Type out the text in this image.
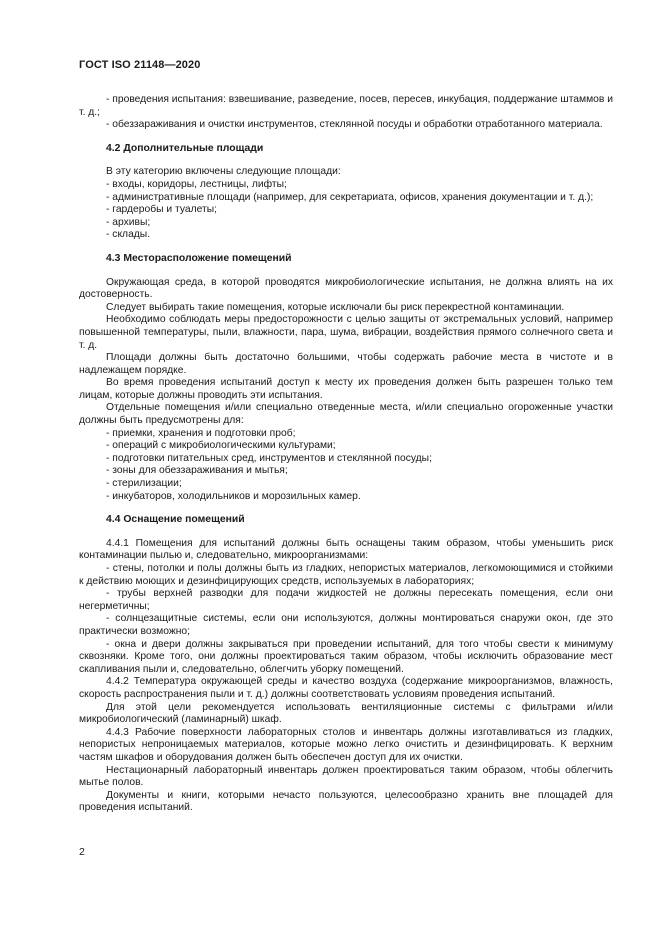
ГОСТ ISO 21148—2020

- проведения испытания: взвешивание, разведение, посев, пересев, инкубация, поддержание штаммов и т. д.;

- обеззараживания и очистки инструментов, стеклянной посуды и обработки отработанного материала.

4.2 Дополнительные площади

В эту категорию включены следующие площади:

- входы, коридоры, лестницы, лифты;

- административные площади (например, для секретариата, офисов, хранения документации и т. д.);

- гардеробы и туалеты;

- архивы;

- склады.

4.3 Месторасположение помещений

Окружающая среда, в которой проводятся микробиологические испытания, не должна влиять на их достоверность.

Следует выбирать такие помещения, которые исключали бы риск перекрестной контаминации.

Необходимо соблюдать меры предосторожности с целью защиты от экстремальных условий, например повышенной температуры, пыли, влажности, пара, шума, вибрации, воздействия прямого солнечного света и т. д.

Площади должны быть достаточно большими, чтобы содержать рабочие места в чистоте и в надлежащем порядке.

Во время проведения испытаний доступ к месту их проведения должен быть разрешен только тем лицам, которые должны проводить эти испытания.

Отдельные помещения и/или специально отведенные места, и/или специально огороженные участки должны быть предусмотрены для:

- приемки, хранения и подготовки проб;

- операций с микробиологическими культурами;

- подготовки питательных сред, инструментов и стеклянной посуды;

- зоны для обеззараживания и мытья;

- стерилизации;

- инкубаторов, холодильников и морозильных камер.

4.4 Оснащение помещений

4.4.1 Помещения для испытаний должны быть оснащены таким образом, чтобы уменьшить риск контаминации пылью и, следовательно, микроорганизмами:

- стены, потолки и полы должны быть из гладких, непористых материалов, легкомоющимися и стойкими к действию моющих и дезинфицирующих средств, используемых в лабораториях;

- трубы верхней разводки для подачи жидкостей не должны пересекать помещения, если они негерметичны;

- солнцезащитные системы, если они используются, должны монтироваться снаружи окон, где это практически возможно;

- окна и двери должны закрываться при проведении испытаний, для того чтобы свести к минимуму сквозняки. Кроме того, они должны проектироваться таким образом, чтобы исключить образование мест скапливания пыли и, следовательно, облегчить уборку помещений.

4.4.2 Температура окружающей среды и качество воздуха (содержание микроорганизмов, влажность, скорость распространения пыли и т. д.) должны соответствовать условиям проведения испытаний.

Для этой цели рекомендуется использовать вентиляционные системы с фильтрами и/или микробиологический (ламинарный) шкаф.

4.4.3 Рабочие поверхности лабораторных столов и инвентарь должны изготавливаться из гладких, непористых непроницаемых материалов, которые можно легко очистить и дезинфицировать. К верхним частям шкафов и оборудования должен быть обеспечен доступ для их очистки.

Нестационарный лабораторный инвентарь должен проектироваться таким образом, чтобы облегчить мытье полов.

Документы и книги, которыми нечасто пользуются, целесообразно хранить вне площадей для проведения испытаний.

2
